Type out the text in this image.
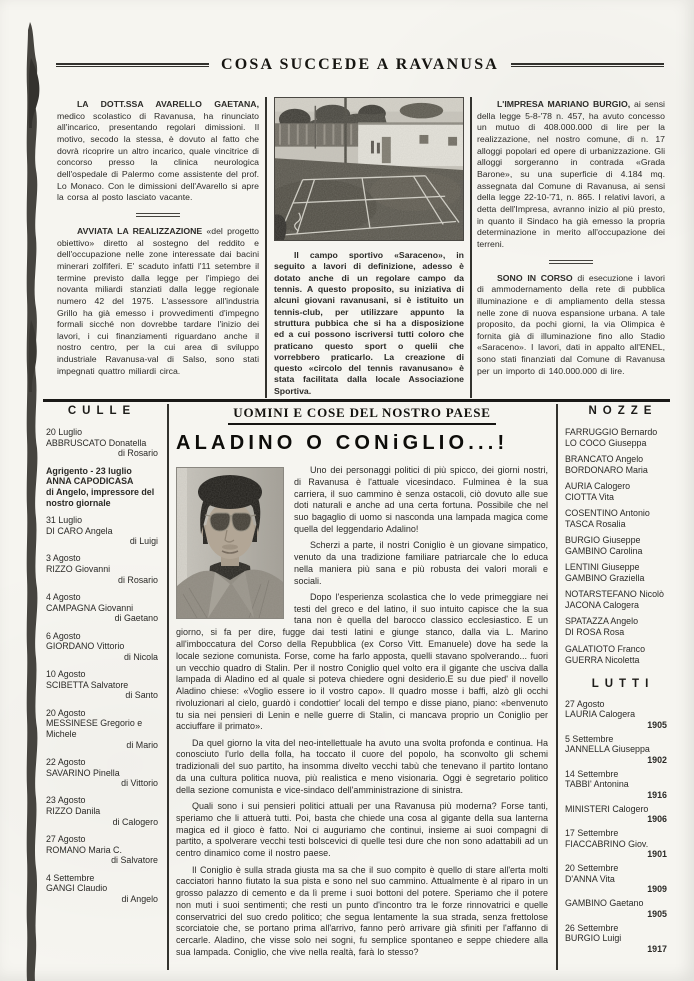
COSA SUCCEDE A RAVANUSA

LA DOTT.SSA AVARELLO GAETANA, medico scolastico di Ravanusa, ha rinunciato all'incarico, presentando regolari dimissioni. Il motivo, secodo la stessa, è dovuto al fatto che dovrà ricoprire un altro incarico, quale vincitrice di concorso presso la clinica neurologica dell'ospedale di Palermo come assistente del prof. Lo Monaco. Con le dimissioni dell'Avarello si apre la corsa al posto lasciato vacante.

AVVIATA LA REALIZZAZIONE «del progetto obiettivo» diretto al sostegno del reddito e dell'occupazione nelle zone interessate dai bacini minerari zolfiferi. E' scaduto infatti l'11 setembre il termine previsto dalla legge per l'impiego dei novanta miliardi stanziati dalla legge regionale numero 42 del 1975. L'assessore all'industria Grillo ha già emesso i provvedimenti d'impegno formali sicché non dovrebbe tardare l'inizio dei lavori, i cui finanziamenti riguardano anche il nostro centro, per la cui area di sviluppo industriale Ravanusa-val di Salso, sono stati impegnati quattro miliardi circa.

Il campo sportivo «Saraceno», in seguito a lavori di definizione, adesso è dotato anche di un regolare campo da tennis. A questo proposito, su iniziativa di alcuni giovani ravanusani, si è istituito un tennis-club, per utilizzare appunto la struttura pubbica che si ha a disposizione ed a cui possono iscriversi tutti coloro che praticano questo sport o quelii che vorrebbero praticarlo. La creazione di questo «circolo del tennis ravanusano» è stata facilitata dalla locale Associazione Sportiva.

L'IMPRESA MARIANO BURGIO, ai sensi della legge 5-8-'78 n. 457, ha avuto concesso un mutuo di 408.000.000 di lire per la realizzazione, nel nostro comune, di n. 17 alloggi popolari ed opere di urbanizzazione. Gli alloggi sorgeranno in contrada «Grada Barone», su una superficie di 4.184 mq. assegnata dal Comune di Ravanusa, ai sensi della legge 22-10-'71, n. 865. I relativi lavori, a detta dell'Impresa, avranno inizio al più presto, in quanto il Sindaco ha già emesso la propria determinazione in merito all'occupazione dei terreni.

SONO IN CORSO di esecuzione i lavori di ammodernamento della rete di pubblica illuminazione e di ampliamento della stessa nelle zone di nuova espansione urbana. A tale proposito, da pochi giorni, la via Olimpica è fornita già di illuminazione fino allo Stadio «Saraceno». I lavori, dati in appalto all'ENEL, sono stati finanziati dal Comune di Ravanusa per un importo di 140.000.000 di lire.

CULLE
20 Luglio
ABBRUSCATO Donatella
di Rosario
Agrigento - 23 luglio
ANNA CAPODICASA
di Angelo, impressore del nostro giornale
31 Luglio
DI CARO Angela
di Luigi
3 Agosto
RIZZO Giovanni
di Rosario
4 Agosto
CAMPAGNA Giovanni
di Gaetano
6 Agosto
GIORDANO Vittorio
di Nicola
10 Agosto
SCIBETTA Salvatore
di Santo
20 Agosto
MESSINESE Gregorio e Michele
di Mario
22 Agosto
SAVARINO Pinella
di Vittorio
23 Agosto
RIZZO Danila
di Calogero
27 Agosto
ROMANO Maria C.
di Salvatore
4 Settembre
GANGI Claudio
di Angelo
UOMINI E COSE DEL NOSTRO PAESE
ALADINO O CONiGLIO...!

Uno dei personaggi politici di più spicco, dei giorni nostri, di Ravanusa è l'attuale vicesindaco. Fulminea è la sua carriera, il suo cammino è senza ostacoli, ciò dovuto alle sue doti naturali e anche ad una certa fortuna. Possibile che nel suo bagaglio di uomo si nasconda una lampada magica come quella del leggendario Adalino!

Scherzi a parte, il nostri Coniglio è un giovane simpatico, venuto da una tradizione familiare patriarcale che lo educa nella maniera più sana e più robusta dei valori morali e sociali.

Dopo l'esperienza scolastica che lo vede primeggiare nei testi del greco e del latino, il suo intuito capisce che la sua tana non è quella del barocco classico ecclesiastico. E un giorno, si fa per dire, fugge dai testi latini e giunge stanco, dalla via L. Marino all'imboccatura del Corso della Repubblica (ex Corso Vitt. Emanuele) dove ha sede la locale sezione comunista. Forse, come ha farlo apposta, quelli stavano spolverando... fuori un vecchio quadro di Stalin. Per il nostro Coniglio quel volto era il gigante che usciva dalla lampada di Aladino ed al quale si poteva chiedere ogni desiderio.E su due pied' il novello Aladino chiese: «Voglio essere io il vostro capo». Il quadro mosse i baffi, alzò gli occhi rivoluzionari al cielo, guardò i condottier' locali del tempo e disse piano, piano: «benvenuto tu sia nei pensieri di Lenin e nelle guerre di Stalin, ci mancava proprio un Coniglio per acciuffare il primato».

Da quel giorno la vita del neo-intellettuale ha avuto una svolta profonda e continua. Ha conosciuto l'urlo della folla, ha toccato il cuore del popolo, ha sconvolto gli schemi tradizionali del suo partito, ha insomma divelto vecchi tabù che tenevano il partito lontano da una cultura politica nuova, più realistica e meno visionaria. Oggi è segretario politico della sezione comunista e vice-sindaco dell'amministrazione di sinistra.

Quali sono i sui pensieri politici attuali per una Ravanusa più moderna? Forse tanti, speriamo che li attuerà tutti. Poi, basta che chiede una cosa al gigante della sua lanterna magica ed il gioco è fatto. Noi ci auguriamo che continui, insieme ai suoi compagni di partito, a spolverare vecchi testi bolscevici di quelle tesi dure che non sono adattabili ad un centro dinamico come il nostro paese.

Il Coniglio è sulla strada giusta ma sa che il suo compito è quello di stare all'erta molti cacciatori hanno fiutato la sua pista e sono nel suo cammino. Attualmente è al riparo in un grosso palazzo di cemento e da lì preme i suoi bottoni del potere. Speriamo che il potere non muti i suoi sentimenti; che resti un punto d'incontro tra le forze rinnovatrici e quelle conservatrici del suo credo politico; che segua lentamente la sua strada, senza frettolose scorciatoie che, se portano prima all'arrivo, fanno però arrivare già sfiniti per l'affanno di cercarle. Aladino, che visse solo nei sogni, fu semplice spontaneo e seppe chiedere alla sua lampada. Coniglio, che vive nella realtà, farà lo stesso?

NOZZE
FARRUGGIO Bernardo
LO COCO Giuseppa
BRANCATO Angelo
BORDONARO Maria
AURIA Calogero
CIOTTA Vita
COSENTINO Antonio
TASCA Rosalia
BURGIO Giuseppe
GAMBINO Carolina
LENTINI Giuseppe
GAMBINO Graziella
NOTARSTEFANO Nicolò
JACONA Calogera
SPATAZZA Angelo
DI ROSA Rosa
GALATIOTO Franco
GUERRA Nicoletta
LUTTI
27 Agosto
LAURIA Calogera
1905
5 Settembre
JANNELLA Giuseppa
1902
14 Settembre
TABBI' Antonina
1916
MINISTERI Calogero
1906
17 Settembre
FIACCABRINO Giov.
1901
20 Settembre
D'ANNA Vita
1909
GAMBINO Gaetano
1905
26 Settembre
BURGIO Luigi
1917
